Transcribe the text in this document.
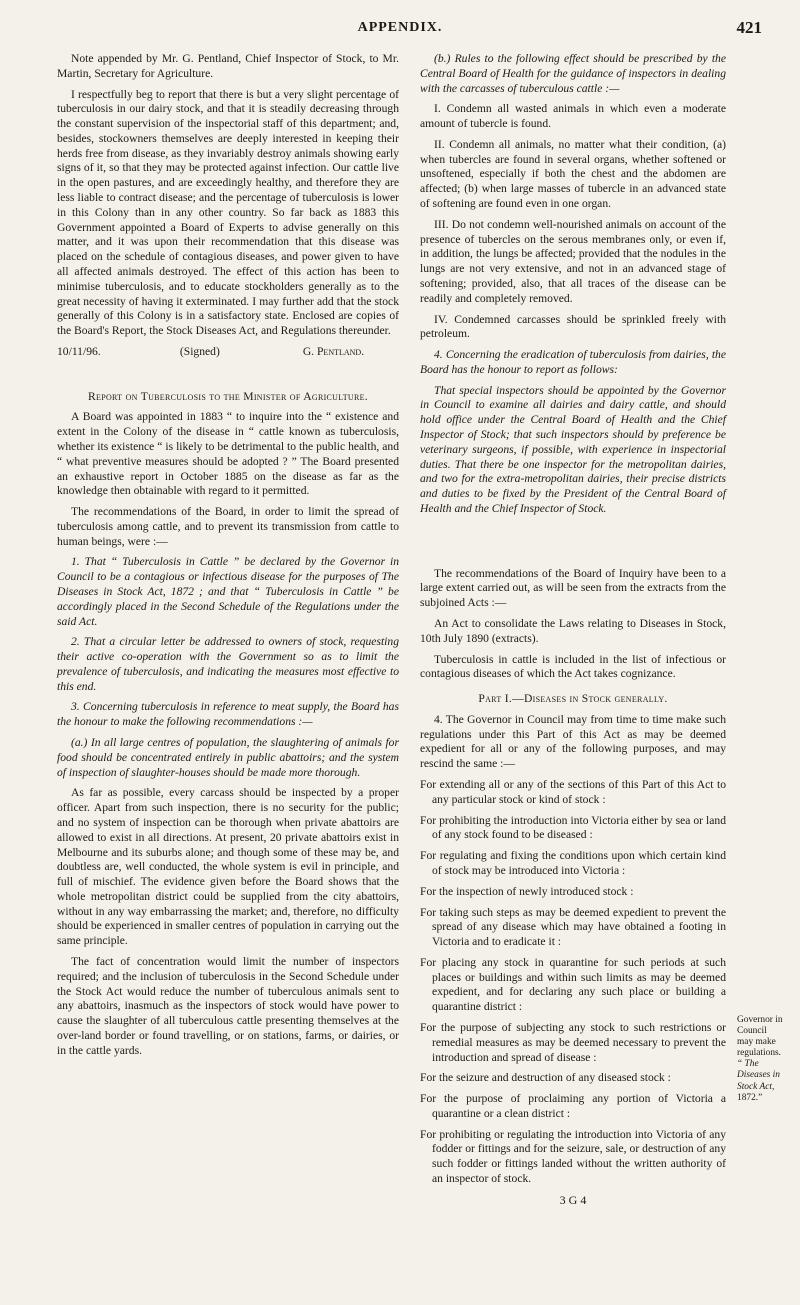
APPENDIX.	421

Note appended by Mr. G. Pentland, Chief Inspector of Stock, to Mr. Martin, Secretary for Agriculture.

I respectfully beg to report that there is but a very slight percentage of tuberculosis in our dairy stock, and that it is steadily decreasing through the constant supervision of the inspectorial staff of this department; and, besides, stockowners themselves are deeply interested in keeping their herds free from disease, as they invariably destroy animals showing early signs of it, so that they may be protected against infection. Our cattle live in the open pastures, and are exceedingly healthy, and therefore they are less liable to contract disease; and the percentage of tuberculosis is lower in this Colony than in any other country. So far back as 1883 this Government appointed a Board of Experts to advise generally on this matter, and it was upon their recommendation that this disease was placed on the schedule of contagious diseases, and power given to have all affected animals destroyed. The effect of this action has been to minimise tuberculosis, and to educate stockholders generally as to the great necessity of having it exterminated. I may further add that the stock generally of this Colony is in a satisfactory state. Enclosed are copies of the Board's Report, the Stock Diseases Act, and Regulations thereunder.

10/11/96.	(Signed)	G. Pentland.

Report on Tuberculosis to the Minister of Agriculture.

A Board was appointed in 1883 “ to inquire into the “ existence and extent in the Colony of the disease in “ cattle known as tuberculosis, whether its existence “ is likely to be detrimental to the public health, and “ what preventive measures should be adopted ? ” The Board presented an exhaustive report in October 1885 on the disease as far as the knowledge then obtainable with regard to it permitted.

The recommendations of the Board, in order to limit the spread of tuberculosis among cattle, and to prevent its transmission from cattle to human beings, were :—

1. That “ Tuberculosis in Cattle ” be declared by the Governor in Council to be a contagious or infectious disease for the purposes of The Diseases in Stock Act, 1872 ; and that “ Tuberculosis in Cattle ” be accordingly placed in the Second Schedule of the Regulations under the said Act.

2. That a circular letter be addressed to owners of stock, requesting their active co-operation with the Government so as to limit the prevalence of tuberculosis, and indicating the measures most effective to this end.

3. Concerning tuberculosis in reference to meat supply, the Board has the honour to make the following recommendations :—

(a.) In all large centres of population, the slaughtering of animals for food should be concentrated entirely in public abattoirs; and the system of inspection of slaughter-houses should be made more thorough.

As far as possible, every carcass should be inspected by a proper officer. Apart from such inspection, there is no security for the public; and no system of inspection can be thorough when private abattoirs are allowed to exist in all directions. At present, 20 private abattoirs exist in Melbourne and its suburbs alone; and though some of these may be, and doubtless are, well conducted, the whole system is evil in principle, and full of mischief. The evidence given before the Board shows that the whole metropolitan district could be supplied from the city abattoirs, without in any way embarrassing the market; and, therefore, no difficulty should be experienced in smaller centres of population in carrying out the same principle.

The fact of concentration would limit the number of inspectors required; and the inclusion of tuberculosis in the Second Schedule under the Stock Act would reduce the number of tuberculous animals sent to any abattoirs, inasmuch as the inspectors of stock would have power to cause the slaughter of all tuberculous cattle presenting themselves at the over-land border or found travelling, or on stations, farms, or dairies, or in the cattle yards.

(b.) Rules to the following effect should be prescribed by the Central Board of Health for the guidance of inspectors in dealing with the carcasses of tuberculous cattle :—

I. Condemn all wasted animals in which even a moderate amount of tubercle is found.

II. Condemn all animals, no matter what their condition, (a) when tubercles are found in several organs, whether softened or unsoftened, especially if both the chest and the abdomen are affected; (b) when large masses of tubercle in an advanced state of softening are found even in one organ.

III. Do not condemn well-nourished animals on account of the presence of tubercles on the serous membranes only, or even if, in addition, the lungs be affected; provided that the nodules in the lungs are not very extensive, and not in an advanced stage of softening; provided, also, that all traces of the disease can be readily and completely removed.

IV. Condemned carcasses should be sprinkled freely with petroleum.

4. Concerning the eradication of tuberculosis from dairies, the Board has the honour to report as follows:

That special inspectors should be appointed by the Governor in Council to examine all dairies and dairy cattle, and should hold office under the Central Board of Health and the Chief Inspector of Stock; that such inspectors should by preference be veterinary surgeons, if possible, with experience in inspectorial duties. That there be one inspector for the metropolitan dairies, and two for the extra-metropolitan dairies, their precise districts and duties to be fixed by the President of the Central Board of Health and the Chief Inspector of Stock.

The recommendations of the Board of Inquiry have been to a large extent carried out, as will be seen from the extracts from the subjoined Acts :—

An Act to consolidate the Laws relating to Diseases in Stock, 10th July 1890 (extracts).

Tuberculosis in cattle is included in the list of infectious or contagious diseases of which the Act takes cognizance.

Part I.—Diseases in Stock generally.

4. The Governor in Council may from time to time make such regulations under this Part of this Act as may be deemed expedient for all or any of the following purposes, and may rescind the same :—

For extending all or any of the sections of this Part of this Act to any particular stock or kind of stock :

For prohibiting the introduction into Victoria either by sea or land of any stock found to be diseased :

For regulating and fixing the conditions upon which certain kind of stock may be introduced into Victoria :

For the inspection of newly introduced stock :

For taking such steps as may be deemed expedient to prevent the spread of any disease which may have obtained a footing in Victoria and to eradicate it :

For placing any stock in quarantine for such periods at such places or buildings and within such limits as may be deemed expedient, and for declaring any such place or building a quarantine district :

For the purpose of subjecting any stock to such restrictions or remedial measures as may be deemed necessary to prevent the introduction and spread of disease :

For the seizure and destruction of any diseased stock :

For the purpose of proclaiming any portion of Victoria a quarantine or a clean district :

For prohibiting or regulating the introduction into Victoria of any fodder or fittings and for the seizure, sale, or destruction of any such fodder or fittings landed without the written authority of an inspector of stock.

3 G 4

Governor in
Council
may make
regulations.
“ The
Diseases in
Stock Act,
1872.”
